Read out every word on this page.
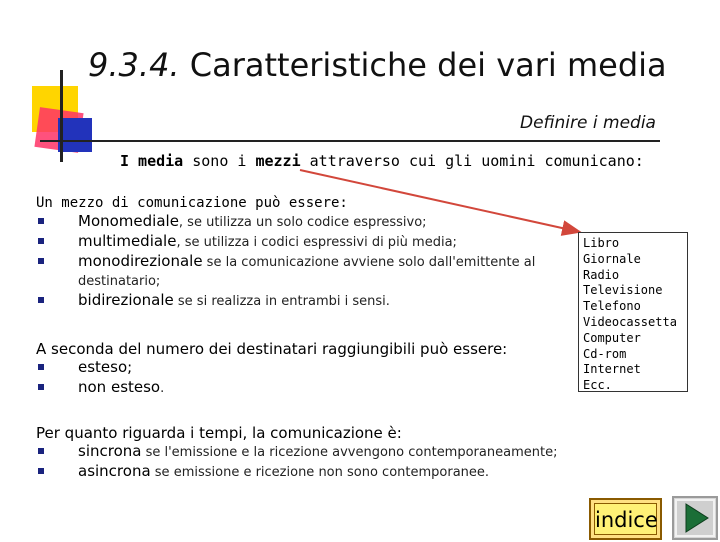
9.3.4. Caratteristiche dei vari media
Definire i media
I media sono i mezzi attraverso cui gli uomini comunicano:
Un mezzo di comunicazione può essere:
Monomediale, se utilizza un solo codice espressivo;
multimediale, se utilizza i codici espressivi di più media;
monodirezionale se la comunicazione avviene solo dall'emittente al destinatario;
bidirezionale se si realizza in entrambi i sensi.
A seconda del numero dei destinatari raggiungibili può essere:
esteso;
non esteso.
Per quanto riguarda i tempi, la comunicazione è:
sincrona se l'emissione e la ricezione avvengono contemporaneamente;
asincrona se emissione e ricezione non sono contemporanee.
Libro
Giornale
Radio
Televisione
Telefono
Videocassetta
Computer
Cd-rom
Internet
Ecc.
indice
